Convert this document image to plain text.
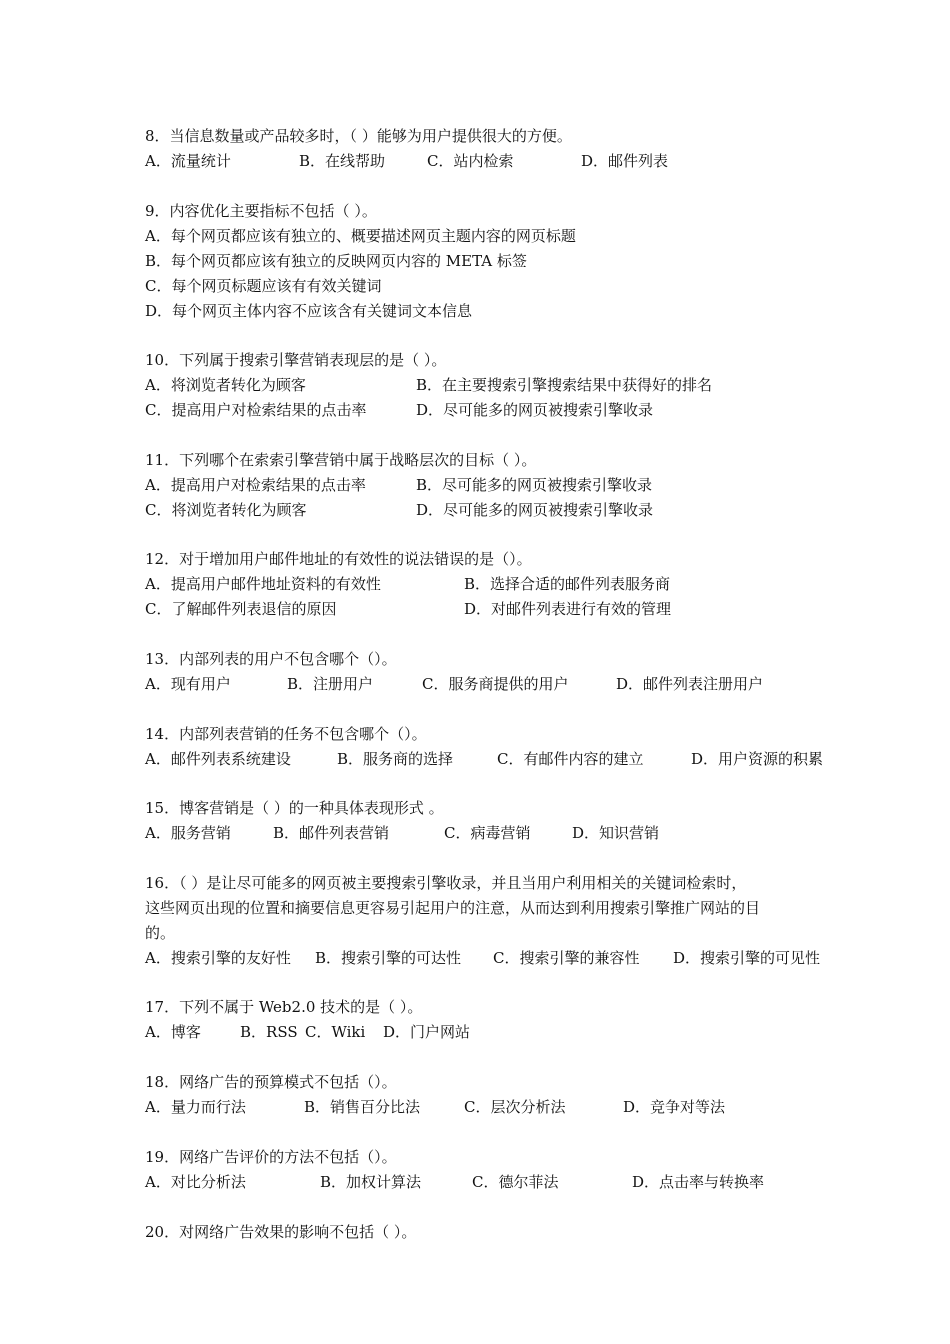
8．当信息数量或产品较多时，（ ）能够为用户提供很大的方便。
A．流量统计	B．在线帮助	C．站内检索	D．邮件列表
9．内容优化主要指标不包括（ ）。
A．每个网页都应该有独立的、概要描述网页主题内容的网页标题
B．每个网页都应该有独立的反映网页内容的 META 标签
C．每个网页标题应该有有效关键词
D．每个网页主体内容不应该含有关键词文本信息
10．下列属于搜索引擎营销表现层的是（ ）。
A．将浏览者转化为顾客	B．在主要搜索引擎搜索结果中获得好的排名
C．提高用户对检索结果的点击率	D．尽可能多的网页被搜索引擎收录
11．下列哪个在索索引擎营销中属于战略层次的目标（ ）。
A．提高用户对检索结果的点击率	B．尽可能多的网页被搜索引擎收录
C．将浏览者转化为顾客	D．尽可能多的网页被搜索引擎收录
12．对于增加用户邮件地址的有效性的说法错误的是（）。
A．提高用户邮件地址资料的有效性	B．选择合适的邮件列表服务商
C．了解邮件列表退信的原因	D．对邮件列表进行有效的管理
13．内部列表的用户不包含哪个（）。
A．现有用户	B．注册用户	C．服务商提供的用户	D．邮件列表注册用户
14．内部列表营销的任务不包含哪个（）。
A．邮件列表系统建设	B．服务商的选择	C．有邮件内容的建立	D．用户资源的积累
15．博客营销是（ ）的一种具体表现形式 。
A．服务营销	B．邮件列表营销	C．病毒营销	D．知识营销
16．（ ）是让尽可能多的网页被主要搜索引擎收录，并且当用户利用相关的关键词检索时，
这些网页出现的位置和摘要信息更容易引起用户的注意，从而达到利用搜索引擎推广网站的目
的。
A．搜索引擎的友好性 B．搜索引擎的可达性 C．搜索引擎的兼容性 D．搜索引擎的可见性
17．下列不属于 Web2.0 技术的是（ ）。
A．博客	B．RSS C．Wiki D．门户网站
18．网络广告的预算模式不包括（）。
A．量力而行法	B．销售百分比法	C．层次分析法	D．竞争对等法
19．网络广告评价的方法不包括（）。
A．对比分析法	B．加权计算法	C．德尔菲法	D．点击率与转换率
20．对网络广告效果的影响不包括（ ）。
